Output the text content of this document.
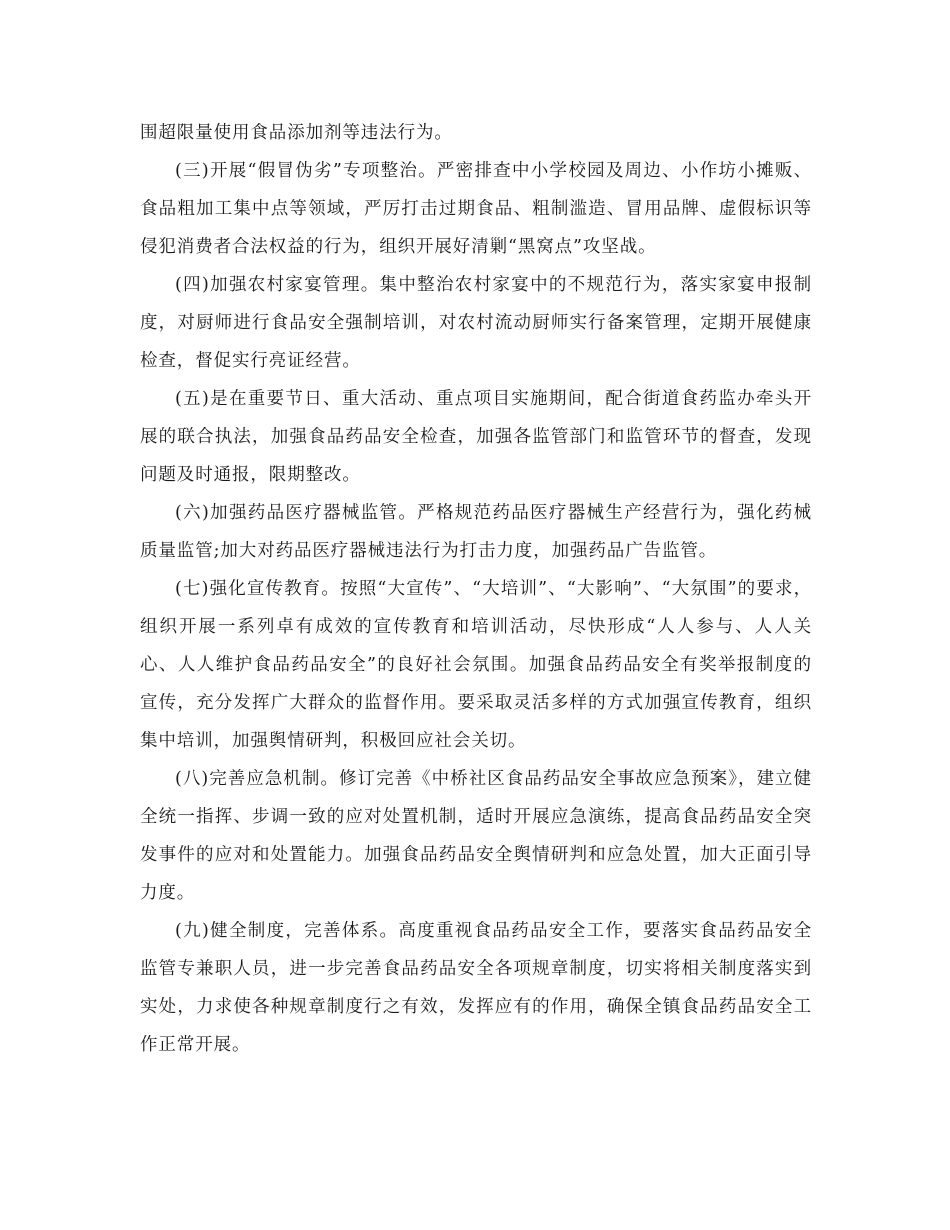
围超限量使用食品添加剂等违法行为。

(三)开展“假冒伪劣”专项整治。严密排查中小学校园及周边、小作坊小摊贩、食品粗加工集中点等领域，严厉打击过期食品、粗制滥造、冒用品牌、虚假标识等侵犯消费者合法权益的行为，组织开展好清剿“黑窝点”攻坚战。

(四)加强农村家宴管理。集中整治农村家宴中的不规范行为，落实家宴申报制度，对厨师进行食品安全强制培训，对农村流动厨师实行备案管理，定期开展健康检查，督促实行亮证经营。

(五)是在重要节日、重大活动、重点项目实施期间，配合街道食药监办牵头开展的联合执法，加强食品药品安全检查，加强各监管部门和监管环节的督查，发现问题及时通报，限期整改。

(六)加强药品医疗器械监管。严格规范药品医疗器械生产经营行为，强化药械质量监管;加大对药品医疗器械违法行为打击力度，加强药品广告监管。

(七)强化宣传教育。按照“大宣传”、“大培训”、“大影响”、“大氛围”的要求，组织开展一系列卓有成效的宣传教育和培训活动，尽快形成“人人参与、人人关心、人人维护食品药品安全”的良好社会氛围。加强食品药品安全有奖举报制度的宣传，充分发挥广大群众的监督作用。要采取灵活多样的方式加强宣传教育，组织集中培训，加强舆情研判，积极回应社会关切。

(八)完善应急机制。修订完善《中桥社区食品药品安全事故应急预案》，建立健全统一指挥、步调一致的应对处置机制，适时开展应急演练，提高食品药品安全突发事件的应对和处置能力。加强食品药品安全舆情研判和应急处置，加大正面引导力度。

(九)健全制度，完善体系。高度重视食品药品安全工作，要落实食品药品安全监管专兼职人员，进一步完善食品药品安全各项规章制度，切实将相关制度落实到实处，力求使各种规章制度行之有效，发挥应有的作用，确保全镇食品药品安全工作正常开展。
